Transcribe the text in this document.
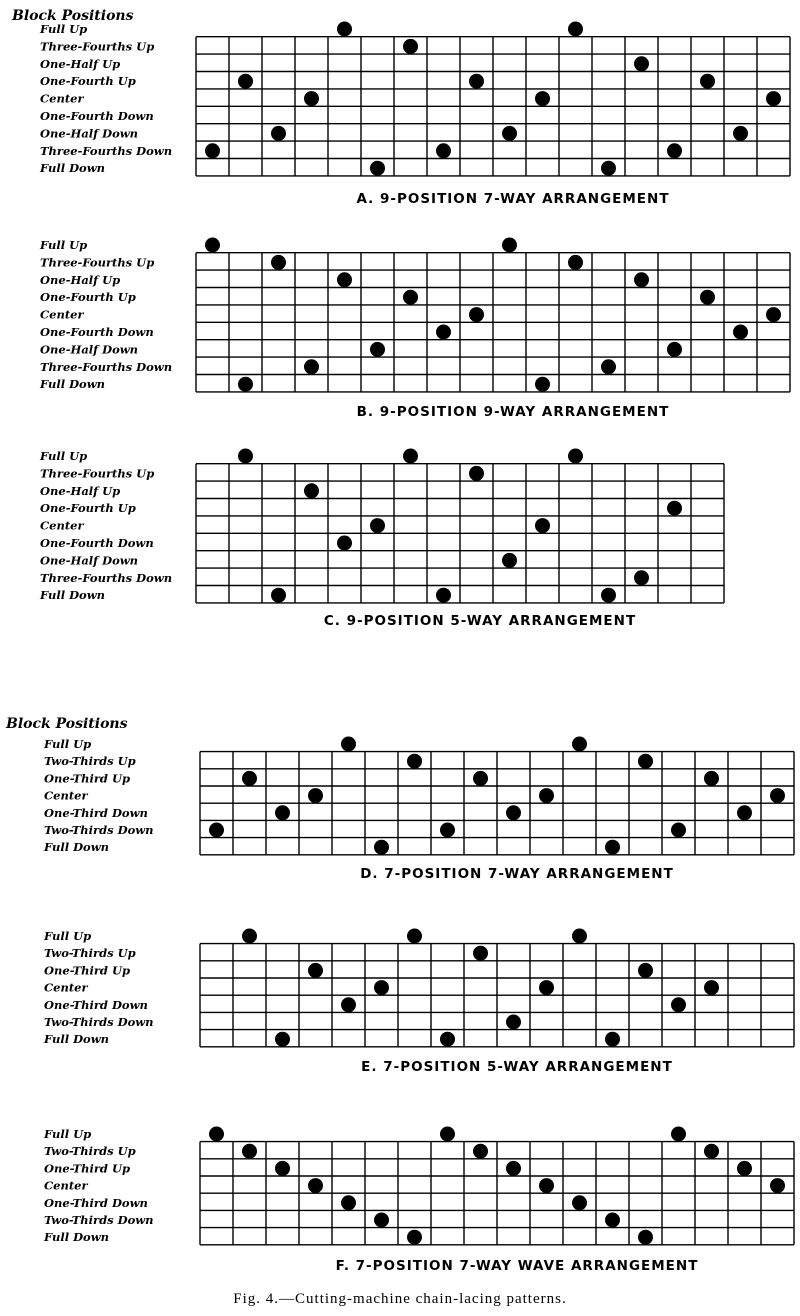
Block Positions
Block Positions
Full Up
Three-Fourths Up
One-Half Up
One-Fourth Up
Center
One-Fourth Down
One-Half Down
Three-Fourths Down
Full Down
A. 9-POSITION 7-WAY ARRANGEMENT
Full Up
Three-Fourths Up
One-Half Up
One-Fourth Up
Center
One-Fourth Down
One-Half Down
Three-Fourths Down
Full Down
B. 9-POSITION 9-WAY ARRANGEMENT
Full Up
Three-Fourths Up
One-Half Up
One-Fourth Up
Center
One-Fourth Down
One-Half Down
Three-Fourths Down
Full Down
C. 9-POSITION 5-WAY ARRANGEMENT
Full Up
Two-Thirds Up
One-Third Up
Center
One-Third Down
Two-Thirds Down
Full Down
D. 7-POSITION 7-WAY ARRANGEMENT
Full Up
Two-Thirds Up
One-Third Up
Center
One-Third Down
Two-Thirds Down
Full Down
E. 7-POSITION 5-WAY ARRANGEMENT
Full Up
Two-Thirds Up
One-Third Up
Center
One-Third Down
Two-Thirds Down
Full Down
F. 7-POSITION 7-WAY WAVE ARRANGEMENT
Fig. 4.—Cutting-machine chain-lacing patterns.
